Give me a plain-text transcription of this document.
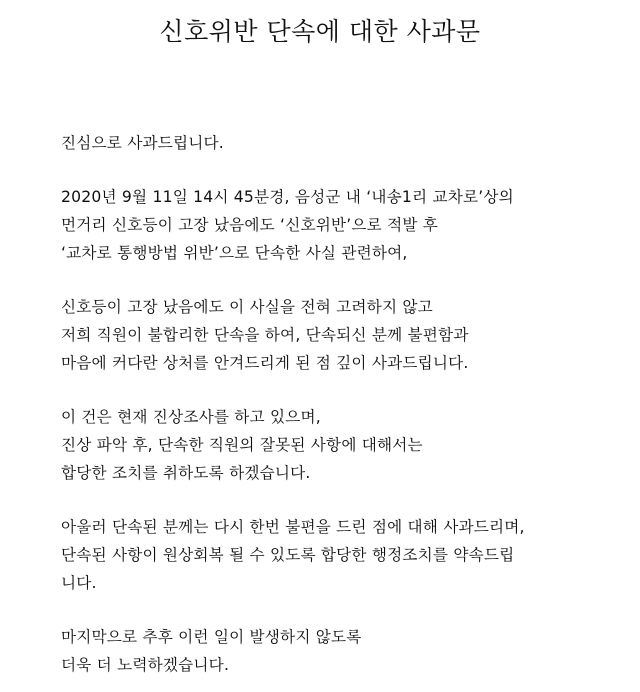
신호위반 단속에 대한 사과문
진심으로 사과드립니다.
2020년 9월 11일 14시 45분경, 음성군 내 ‘내송1리 교차로’상의
먼거리 신호등이 고장 났음에도 ‘신호위반’으로 적발 후
‘교차로 통행방법 위반’으로 단속한 사실 관련하여,
신호등이 고장 났음에도 이 사실을 전혀 고려하지 않고
저희 직원이 불합리한 단속을 하여, 단속되신 분께 불편함과
마음에 커다란 상처를 안겨드리게 된 점 깊이 사과드립니다.
이 건은 현재 진상조사를 하고 있으며,
진상 파악 후, 단속한 직원의 잘못된 사항에 대해서는
합당한 조치를 취하도록 하겠습니다.
아울러 단속된 분께는 다시 한번 불편을 드린 점에 대해 사과드리며,
단속된 사항이 원상회복 될 수 있도록 합당한 행정조치를 약속드립
니다.
마지막으로 추후 이런 일이 발생하지 않도록
더욱 더 노력하겠습니다.
